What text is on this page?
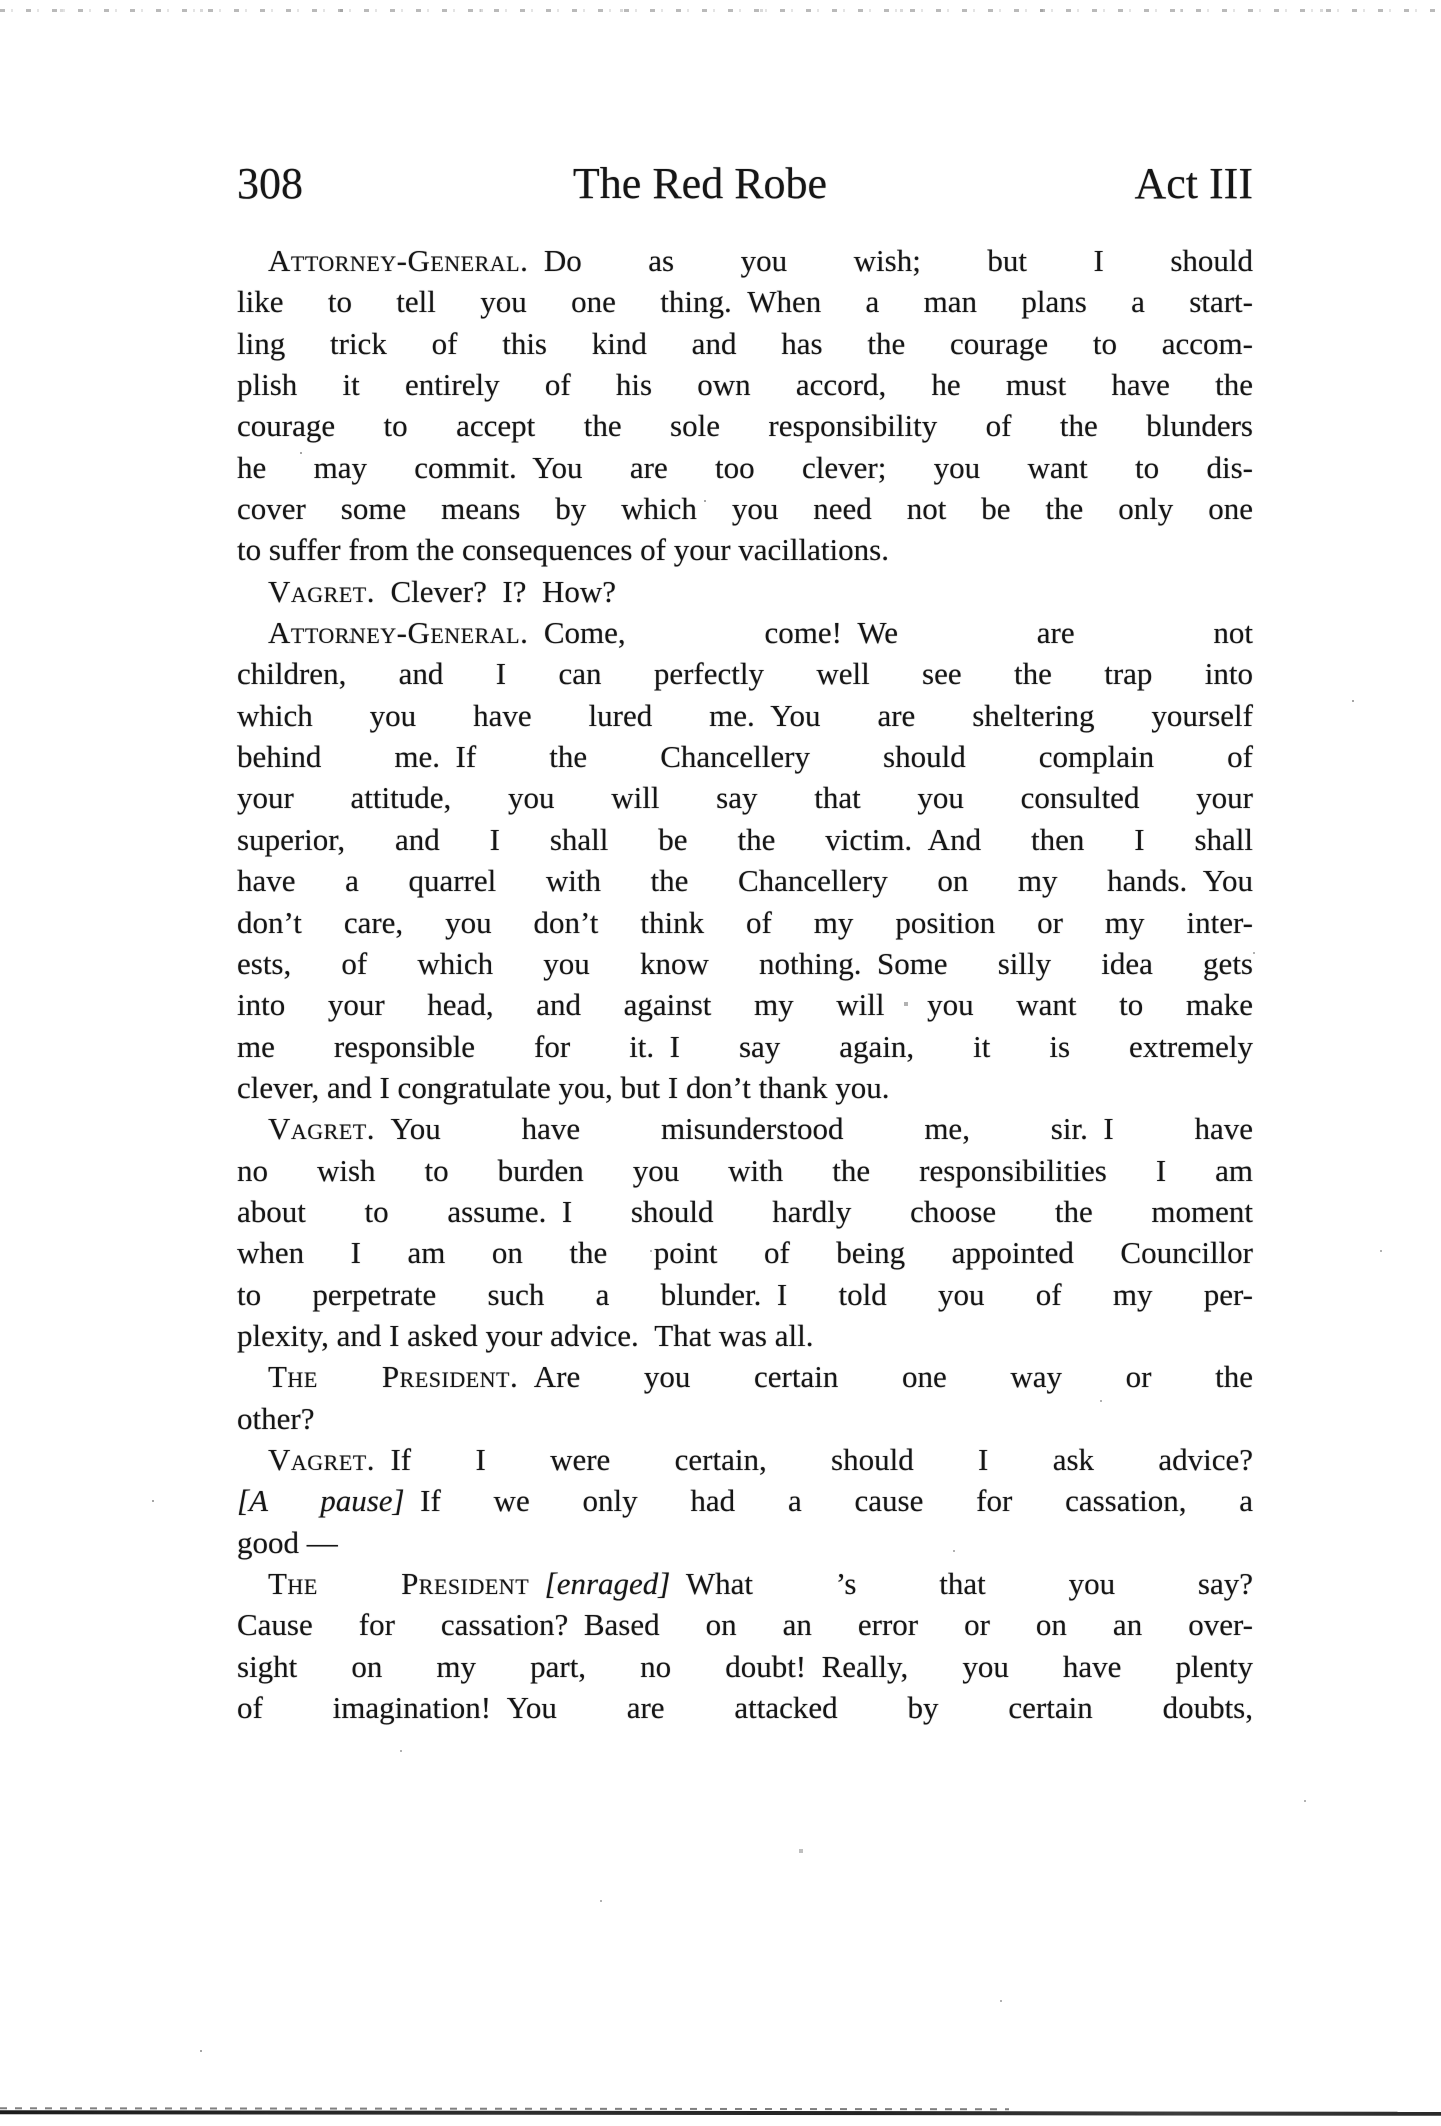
308	The Red Robe	Act III
Attorney-General. Do as you wish; but I should
like to tell you one thing. When a man plans a start-
ling trick of this kind and has the courage to accom-
plish it entirely of his own accord, he must have the
courage to accept the sole responsibility of the blunders
he may commit. You are too clever; you want to dis-
cover some means by which you need not be the only one
to suffer from the consequences of your vacillations.
Vagret. Clever? I? How?
Attorney-General. Come, come! We are not
children, and I can perfectly well see the trap into
which you have lured me. You are sheltering yourself
behind me. If the Chancellery should complain of
your attitude, you will say that you consulted your
superior, and I shall be the victim. And then I shall
have a quarrel with the Chancellery on my hands. You
don’t care, you don’t think of my position or my inter-
ests, of which you know nothing. Some silly idea gets
into your head, and against my will you want to make
me responsible for it. I say again, it is extremely
clever, and I congratulate you, but I don’t thank you.
Vagret. You have misunderstood me, sir. I have
no wish to burden you with the responsibilities I am
about to assume. I should hardly choose the moment
when I am on the point of being appointed Councillor
to perpetrate such a blunder. I told you of my per-
plexity, and I asked your advice. That was all.
The President. Are you certain one way or the
other?
Vagret. If I were certain, should I ask advice?
[A pause] If we only had a cause for cassation, a
good —
The President  [enraged] What ’s that you say?
Cause for cassation? Based on an error or on an over-
sight on my part, no doubt! Really, you have plenty
of imagination! You are attacked by certain doubts,
